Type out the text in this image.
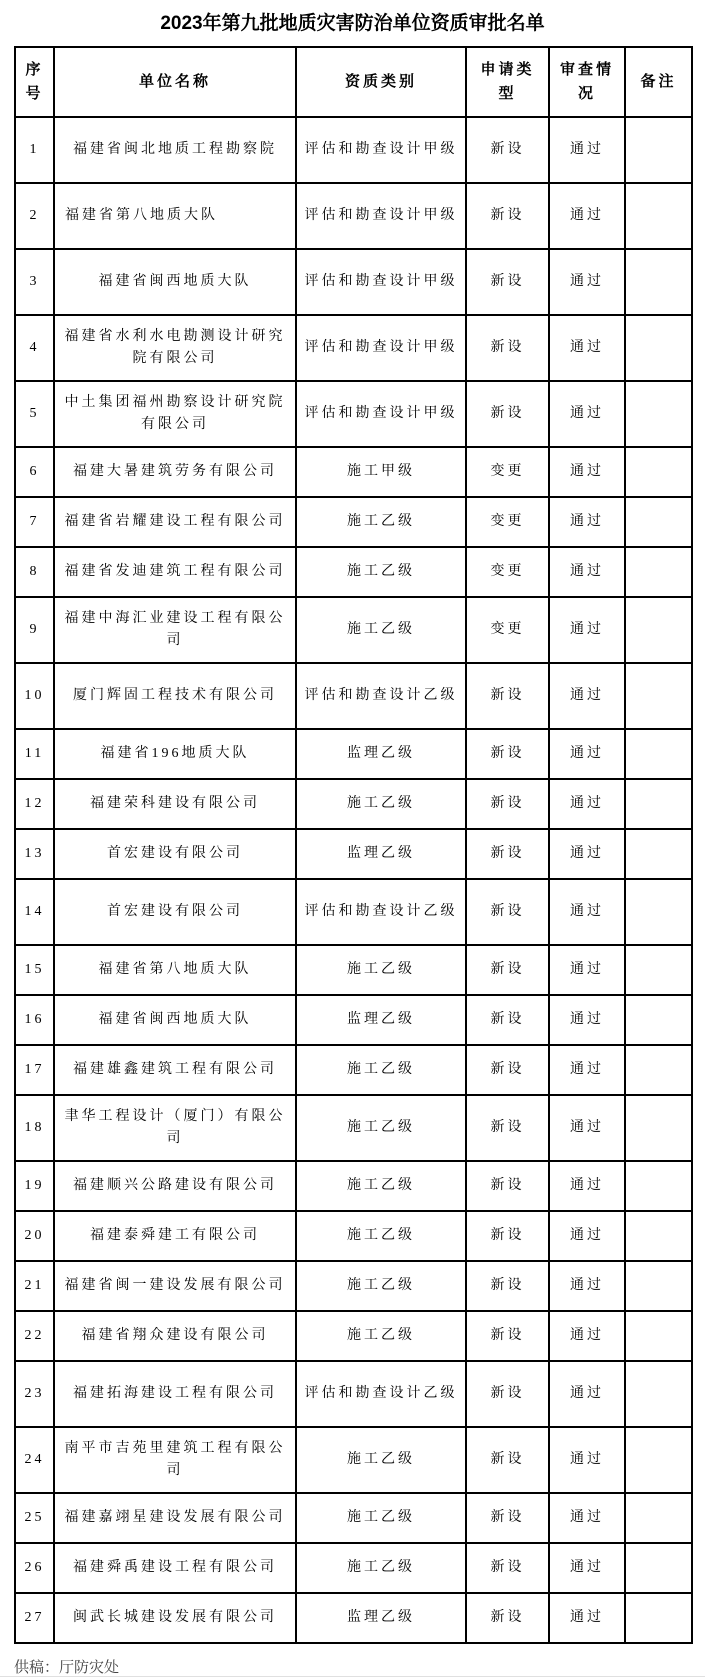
2023年第九批地质灾害防治单位资质审批名单
序号	单位名称	资质类别	申请类型	审查情况	备注
1	福建省闽北地质工程勘察院	评估和勘查设计甲级	新设	通过	
2	福建省第八地质大队	评估和勘查设计甲级	新设	通过	
3	福建省闽西地质大队	评估和勘查设计甲级	新设	通过	
4	福建省水利水电勘测设计研究院有限公司	评估和勘查设计甲级	新设	通过	
5	中土集团福州勘察设计研究院有限公司	评估和勘查设计甲级	新设	通过	
6	福建大暑建筑劳务有限公司	施工甲级	变更	通过	
7	福建省岩耀建设工程有限公司	施工乙级	变更	通过	
8	福建省发迪建筑工程有限公司	施工乙级	变更	通过	
9	福建中海汇业建设工程有限公司	施工乙级	变更	通过	
10	厦门辉固工程技术有限公司	评估和勘查设计乙级	新设	通过	
11	福建省196地质大队	监理乙级	新设	通过	
12	福建荣科建设有限公司	施工乙级	新设	通过	
13	首宏建设有限公司	监理乙级	新设	通过	
14	首宏建设有限公司	评估和勘查设计乙级	新设	通过	
15	福建省第八地质大队	施工乙级	新设	通过	
16	福建省闽西地质大队	监理乙级	新设	通过	
17	福建雄鑫建筑工程有限公司	施工乙级	新设	通过	
18	聿华工程设计（厦门）有限公司	施工乙级	新设	通过	
19	福建顺兴公路建设有限公司	施工乙级	新设	通过	
20	福建泰舜建工有限公司	施工乙级	新设	通过	
21	福建省闽一建设发展有限公司	施工乙级	新设	通过	
22	福建省翔众建设有限公司	施工乙级	新设	通过	
23	福建拓海建设工程有限公司	评估和勘查设计乙级	新设	通过	
24	南平市吉苑里建筑工程有限公司	施工乙级	新设	通过	
25	福建嘉翊星建设发展有限公司	施工乙级	新设	通过	
26	福建舜禹建设工程有限公司	施工乙级	新设	通过	
27	闽武长城建设发展有限公司	监理乙级	新设	通过	
供稿：厅防灾处
